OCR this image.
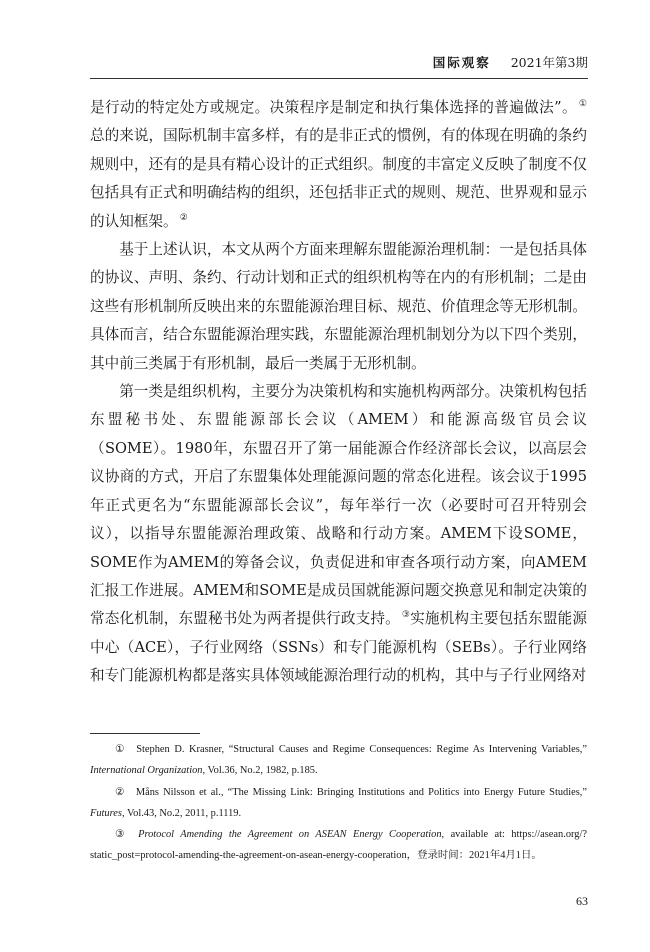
国际观察 2021年第3期

是行动的特定处方或规定。决策程序是制定和执行集体选择的普遍做法”。 ①总的来说，国际机制丰富多样，有的是非正式的惯例，有的体现在明确的条约规则中，还有的是具有精心设计的正式组织。制度的丰富定义反映了制度不仅包括具有正式和明确结构的组织，还包括非正式的规则、规范、世界观和显示的认知框架。 ②

基于上述认识，本文从两个方面来理解东盟能源治理机制：一是包括具体的协议、声明、条约、行动计划和正式的组织机构等在内的有形机制；二是由这些有形机制所反映出来的东盟能源治理目标、规范、价值理念等无形机制。具体而言，结合东盟能源治理实践，东盟能源治理机制划分为以下四个类别，其中前三类属于有形机制，最后一类属于无形机制。

第一类是组织机构，主要分为决策机构和实施机构两部分。决策机构包括东盟秘书处、东盟能源部长会议（AMEM）和能源高级官员会议（SOME）。1980年，东盟召开了第一届能源合作经济部长会议，以高层会议协商的方式，开启了东盟集体处理能源问题的常态化进程。该会议于1995年正式更名为“东盟能源部长会议”，每年举行一次（必要时可召开特别会议），以指导东盟能源治理政策、战略和行动方案。AMEM下设SOME，SOME作为AMEM的筹备会议，负责促进和审查各项行动方案，向AMEM汇报工作进展。AMEM和SOME是成员国就能源问题交换意见和制定决策的常态化机制，东盟秘书处为两者提供行政支持。 ③实施机构主要包括东盟能源中心（ACE），子行业网络（SSNs）和专门能源机构（SEBs）。子行业网络和专门能源机构都是落实具体领域能源治理行动的机构，其中与子行业网络对

① Stephen D. Krasner, “Structural Causes and Regime Consequences: Regime As Intervening Variables,” International Organization, Vol.36, No.2, 1982, p.185.

② Måns Nilsson et al., “The Missing Link: Bringing Institutions and Politics into Energy Future Studies,” Futures, Vol.43, No.2, 2011, p.1119.

③ Protocol Amending the Agreement on ASEAN Energy Cooperation, available at: https://asean.org/?static_post=protocol-amending-the-agreement-on-asean-energy-cooperation，登录时间：2021年4月1日。

63
